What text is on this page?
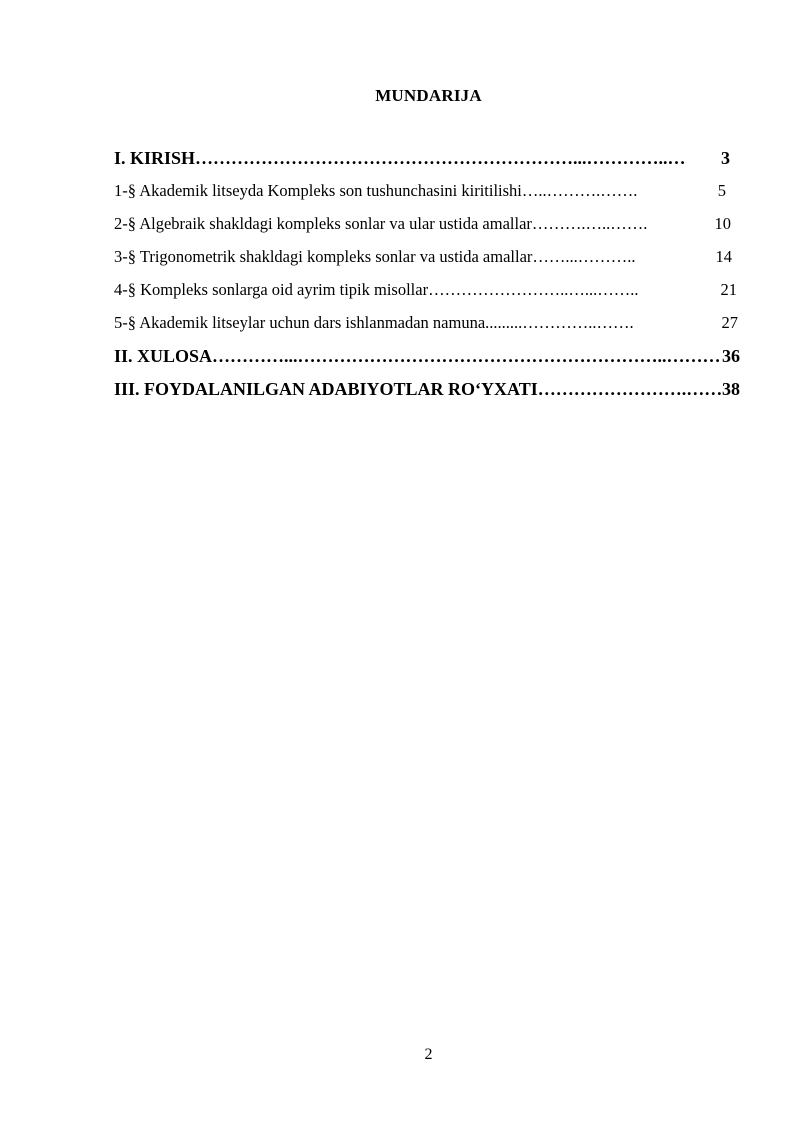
MUNDARIJA
I. KIRISH ………………………………………………………...…………..…	3
1-§ Akademik litseyda Kompleks son tushunchasini kiritilishi …..……….…….	5
2-§ Algebraik shakldagi kompleks sonlar va ular ustida amallar ……….…..…….	10
3-§ Trigonometrik shakldagi kompleks sonlar va ustida amallar ……...………..	14
4-§ Kompleks sonlarga oid ayrim tipik misollar ……………………..…...……..	21
5-§ Akademik litseylar uchun dars ishlanmadan namuna .........…………..…….	27
II. XULOSA …………...……………………………………………………..……… 36
III. FOYDALANILGAN ADABIYOTLAR RO‘YXATI …………………….…… 38
2
